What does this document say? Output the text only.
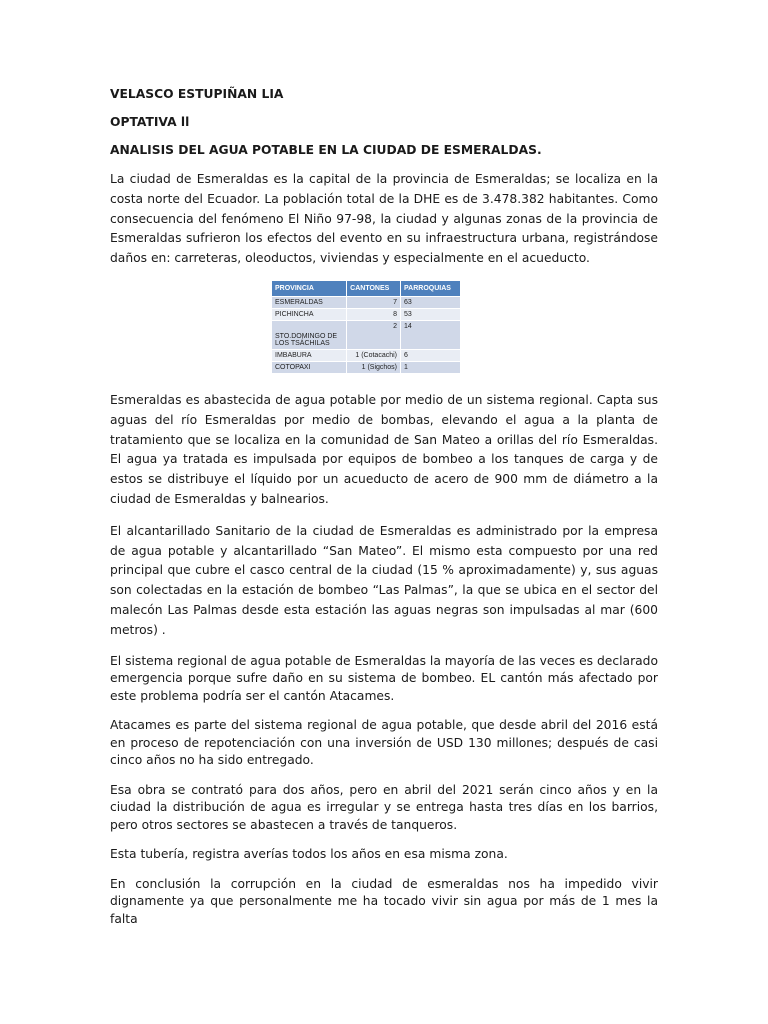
VELASCO ESTUPIÑAN LIA

OPTATIVA ll

ANALISIS DEL AGUA POTABLE EN LA CIUDAD DE ESMERALDAS.

La ciudad de Esmeraldas es la capital de la provincia de Esmeraldas; se localiza en la costa norte del Ecuador. La población total de la DHE es de 3.478.382 habitantes. Como consecuencia del fenómeno El Niño 97-98, la ciudad y algunas zonas de la provincia de Esmeraldas sufrieron los efectos del evento en su infraestructura urbana, registrándose daños en: carreteras, oleoductos, viviendas y especialmente en el acueducto.

PROVINCIA	CANTONES	PARROQUIAS
ESMERALDAS	7	63
PICHINCHA	8	53
STO.DOMINGO DE LOS TSÁCHILAS	2	14
IMBABURA	1 (Cotacachi)	6
COTOPAXI	1 (Sigchos)	1

Esmeraldas es abastecida de agua potable por medio de un sistema regional. Capta sus aguas del río Esmeraldas por medio de bombas, elevando el agua a la planta de tratamiento que se localiza en la comunidad de San Mateo a orillas del río Esmeraldas. El agua ya tratada es impulsada por equipos de bombeo a los tanques de carga y de estos se distribuye el líquido por un acueducto de acero de 900 mm de diámetro a la ciudad de Esmeraldas y balnearios.

El alcantarillado Sanitario de la ciudad de Esmeraldas es administrado por la empresa de agua potable y alcantarillado “San Mateo”. El mismo esta compuesto por una red principal que cubre el casco central de la ciudad (15 % aproximadamente) y, sus aguas son colectadas en la estación de bombeo “Las Palmas”, la que se ubica en el sector del malecón Las Palmas desde esta estación las aguas negras son impulsadas al mar (600 metros) .

El sistema regional de agua potable de Esmeraldas la mayoría de las veces es declarado emergencia porque sufre daño en su sistema de bombeo. EL cantón más afectado por este problema podría ser el cantón Atacames.

Atacames es parte del sistema regional de agua potable, que desde abril del 2016 está en proceso de repotenciación con una inversión de USD 130 millones; después de casi cinco años no ha sido entregado.

Esa obra se contrató para dos años, pero en abril del 2021 serán cinco años y en la ciudad la distribución de agua es irregular y se entrega hasta tres días en los barrios, pero otros sectores se abastecen a través de tanqueros.

Esta tubería, registra averías todos los años en esa misma zona.

En conclusión la corrupción en la ciudad de esmeraldas nos ha impedido vivir dignamente ya que personalmente me ha tocado vivir sin agua por más de 1 mes la falta
